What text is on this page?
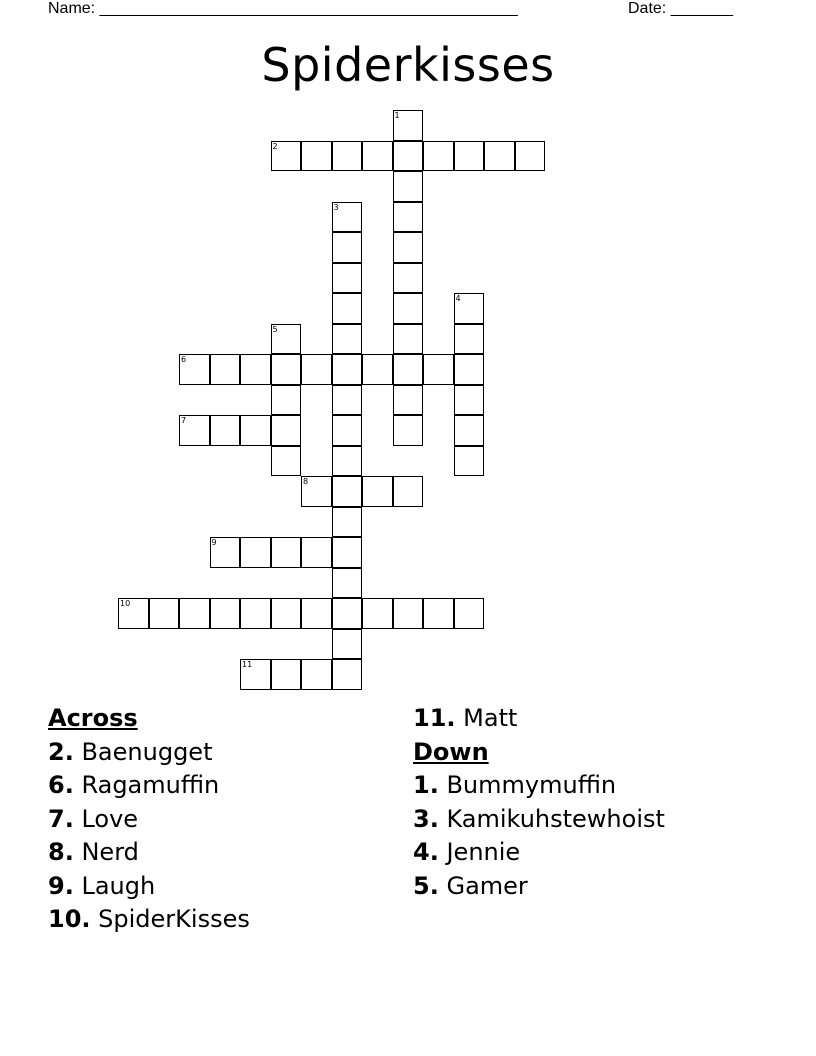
Name: _______________________________________________	Date: _______
Spiderkisses
1
2
3
4
5
6
7
8
9
10
11
Across
2. Baenugget
6. Ragamuffin
7. Love
8. Nerd
9. Laugh
10. SpiderKisses
11. Matt
Down
1. Bummymuffin
3. Kamikuhstewhoist
4. Jennie
5. Gamer
